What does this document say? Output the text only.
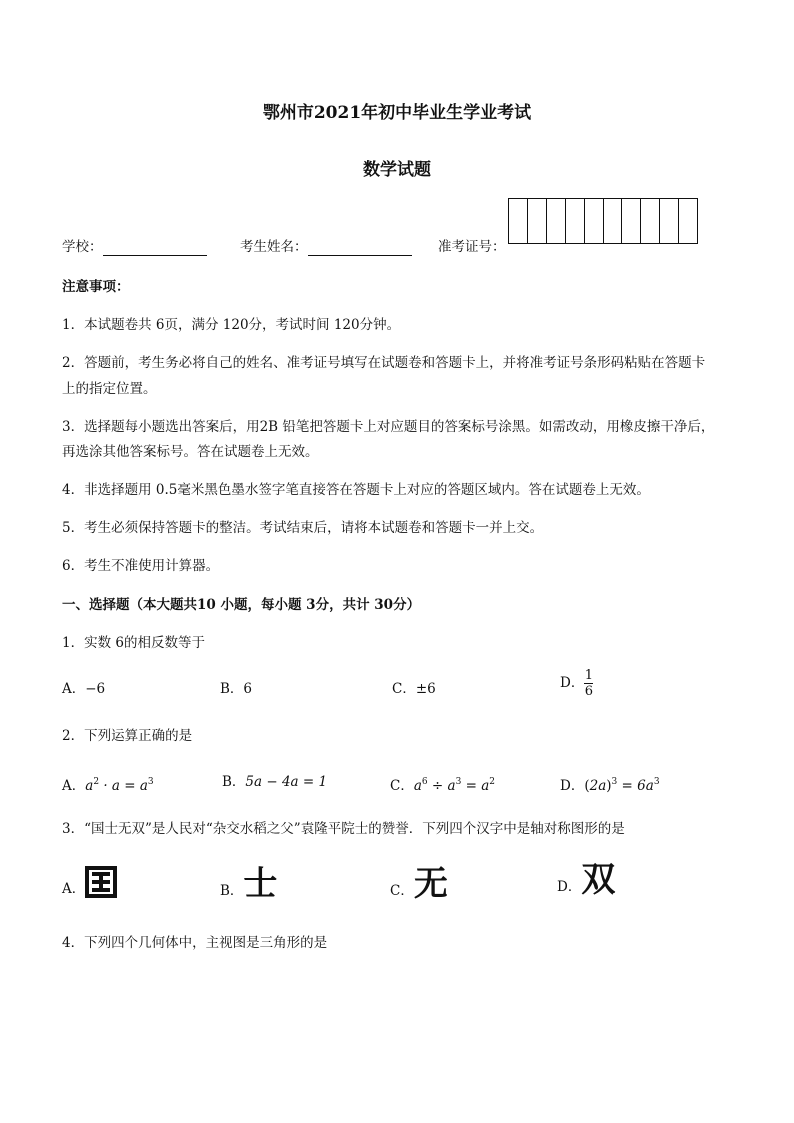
鄂州市2021年初中毕业生学业考试
数学试题
学校：	考生姓名：	准考证号：
注意事项：
1．本试题卷共 6页，满分 120分，考试时间 120分钟。
2．答题前，考生务必将自己的姓名、准考证号填写在试题卷和答题卡上，并将准考证号条形码粘贴在答题卡
上的指定位置。
3．选择题每小题选出答案后，用2B 铅笔把答题卡上对应题目的答案标号涂黑。如需改动，用橡皮擦干净后，
再选涂其他答案标号。答在试题卷上无效。
4．非选择题用 0.5毫米黑色墨水签字笔直接答在答题卡上对应的答题区域内。答在试题卷上无效。
5．考生必须保持答题卡的整洁。考试结束后，请将本试题卷和答题卡一并上交。
6．考生不准使用计算器。
一、选择题（本大题共10 小题，每小题 3分，共计 30分）
1．实数 6的相反数等于
A．−6	B．6	C．±6	D． $\frac{1}{6}$
2．下列运算正确的是
A．$a^2 \cdot a = a^3$	B．5a − 4a = 1	C．$a^6 \div a^3 = a^2$	D．$(2a)^3 = 6a^3$
3．“国士无双”是人民对“杂交水稻之父”袁隆平院士的赞誉．下列四个汉字中是轴对称图形的是
A．	B．士	C．无	D．双
4．下列四个几何体中，主视图是三角形的是
